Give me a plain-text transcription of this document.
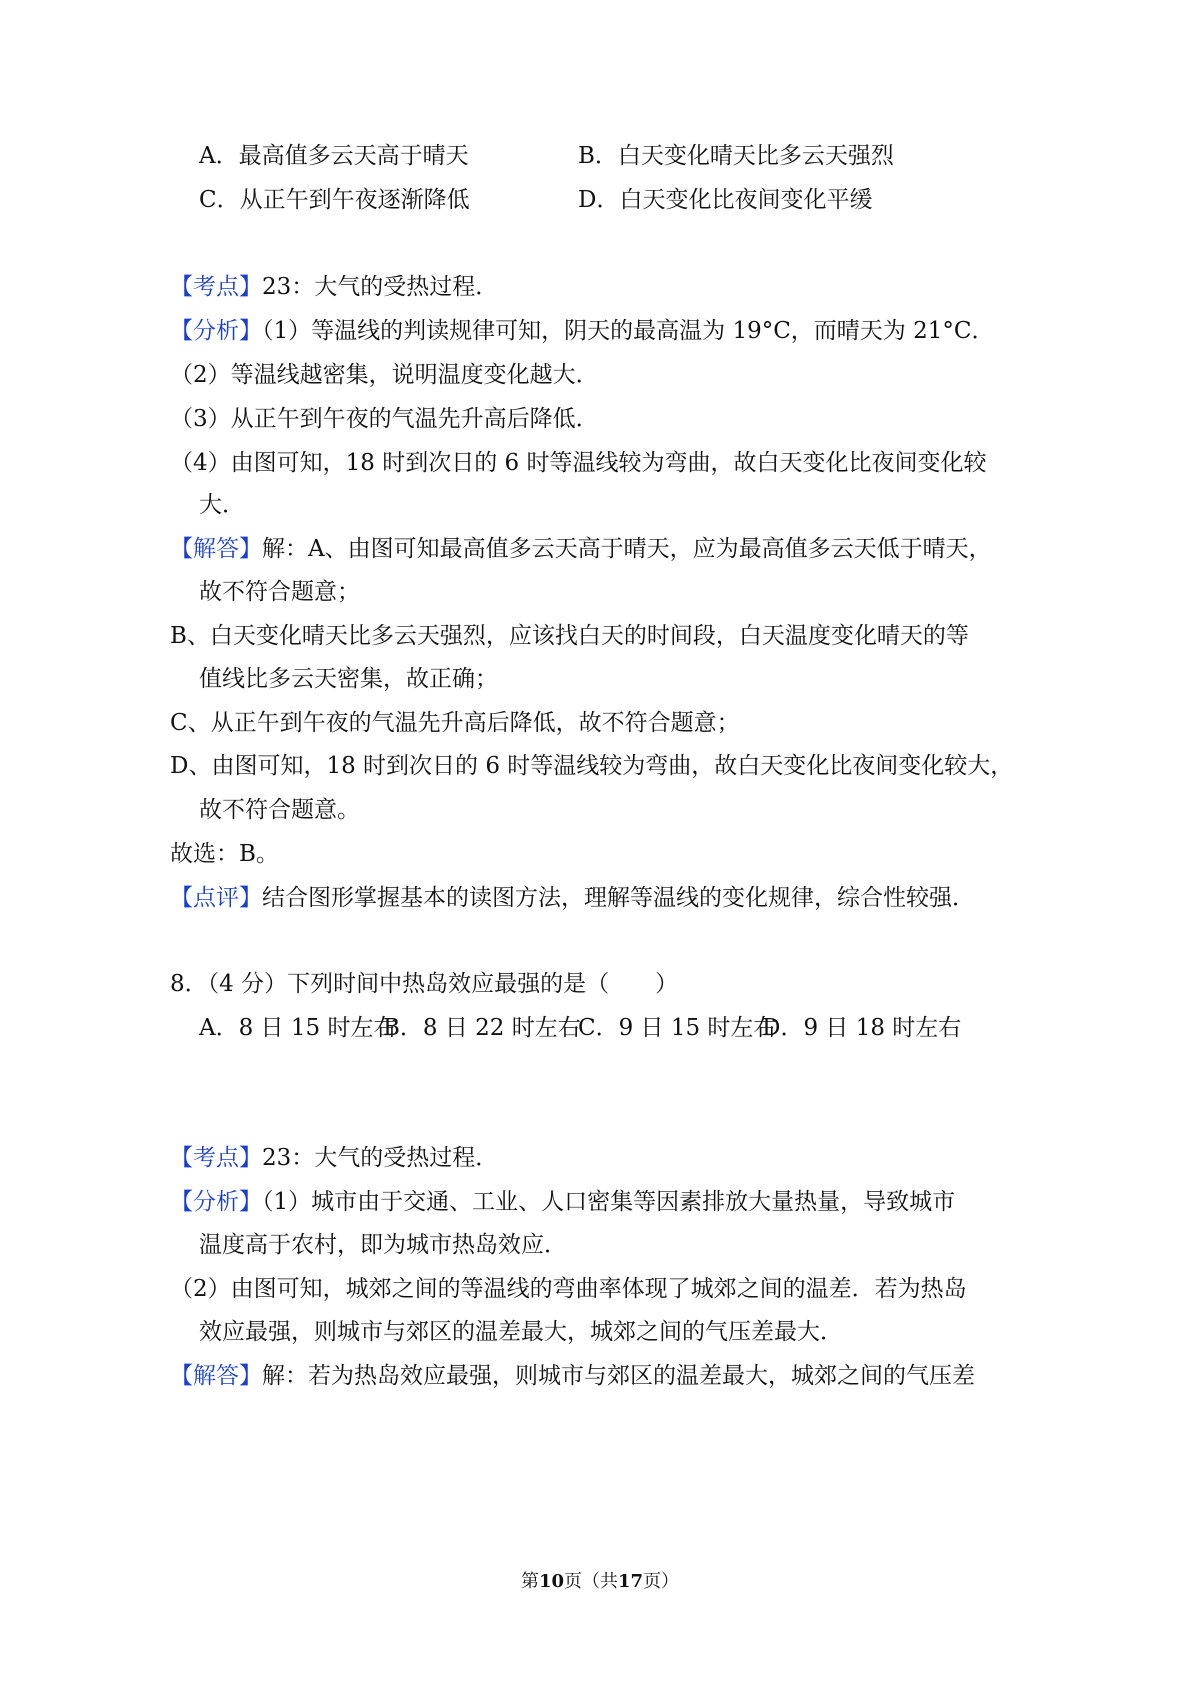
A．最高值多云天高于晴天	B．白天变化晴天比多云天强烈
C．从正午到午夜逐渐降低	D．白天变化比夜间变化平缓
【考点】23：大气的受热过程．
【分析】（1）等温线的判读规律可知，阴天的最高温为 19°C，而晴天为 21°C．
（2）等温线越密集，说明温度变化越大．
（3）从正午到午夜的气温先升高后降低．
（4）由图可知，18 时到次日的 6 时等温线较为弯曲，故白天变化比夜间变化较
大．
【解答】解：A、由图可知最高值多云天高于晴天，应为最高值多云天低于晴天，
故不符合题意；
B、白天变化晴天比多云天强烈，应该找白天的时间段，白天温度变化晴天的等
值线比多云天密集，故正确；
C、从正午到午夜的气温先升高后降低，故不符合题意；
D、由图可知，18 时到次日的 6 时等温线较为弯曲，故白天变化比夜间变化较大，
故不符合题意。
故选：B。
【点评】结合图形掌握基本的读图方法，理解等温线的变化规律，综合性较强．
8．（4 分）下列时间中热岛效应最强的是（　　）
A．8 日 15 时左右
B．8 日 22 时左右
C．9 日 15 时左右
D．9 日 18 时左右
【考点】23：大气的受热过程．
【分析】（1）城市由于交通、工业、人口密集等因素排放大量热量，导致城市
温度高于农村，即为城市热岛效应．
（2）由图可知，城郊之间的等温线的弯曲率体现了城郊之间的温差．若为热岛
效应最强，则城市与郊区的温差最大，城郊之间的气压差最大．
【解答】解：若为热岛效应最强，则城市与郊区的温差最大，城郊之间的气压差
第10页（共17页）
